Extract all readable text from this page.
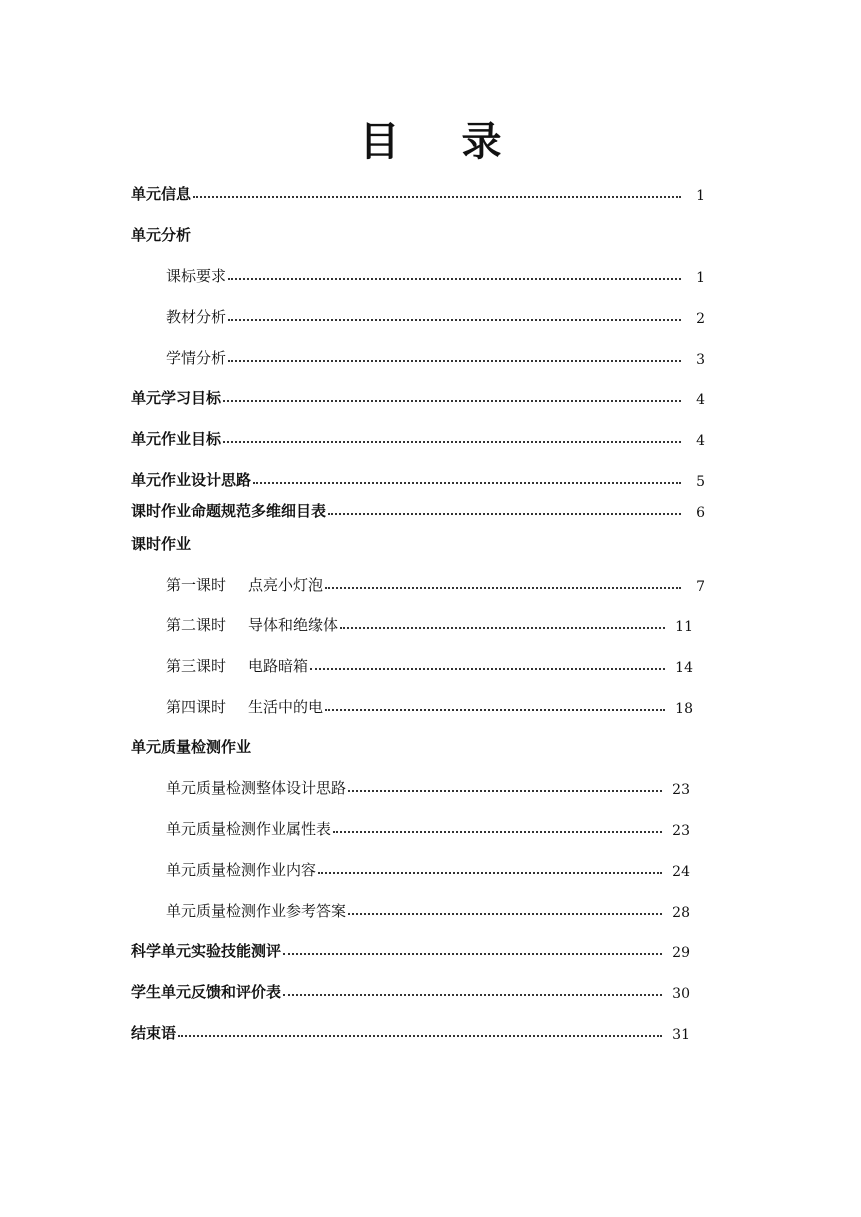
目 录
单元信息	1
单元分析
课标要求	1
教材分析	2
学情分析	3
单元学习目标	4
单元作业目标	4
单元作业设计思路	5
课时作业命题规范多维细目表	6
课时作业
第一课时 点亮小灯泡	7
第二课时 导体和绝缘体	11
第三课时 电路暗箱	14
第四课时 生活中的电	18
单元质量检测作业
单元质量检测整体设计思路	23
单元质量检测作业属性表	23
单元质量检测作业内容	24
单元质量检测作业参考答案	28
科学单元实验技能测评	29
学生单元反馈和评价表	30
结束语	31
